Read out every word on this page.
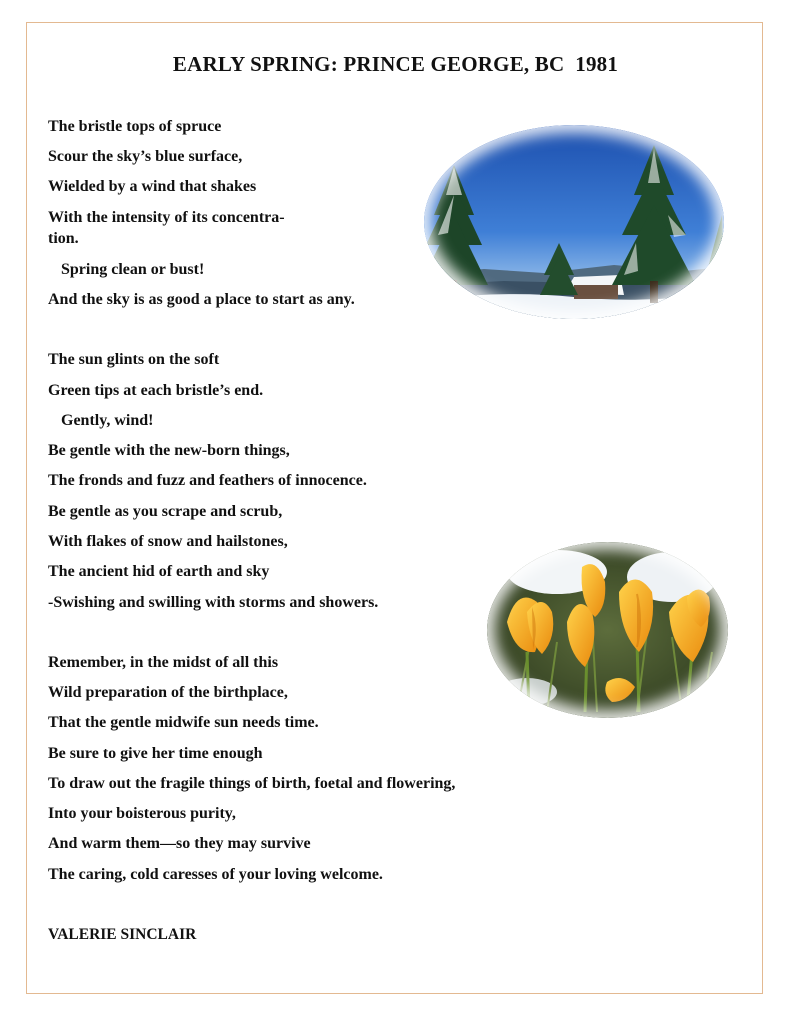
EARLY SPRING: PRINCE GEORGE, BC  1981
The bristle tops of spruce
Scour the sky’s blue surface,
Wielded by a wind that shakes
With the intensity of its concentra-
tion.
Spring clean or bust!
And the sky is as good a place to start as any.
The sun glints on the soft
Green tips at each bristle’s end.
Gently, wind!
Be gentle with the new-born things,
The fronds and fuzz and feathers of innocence.
Be gentle as you scrape and scrub,
With flakes of snow and hailstones,
The ancient hid of earth and sky
-Swishing and swilling with storms and showers.
Remember, in the midst of all this
Wild preparation of the birthplace,
That the gentle midwife sun needs time.
Be sure to give her time enough
To draw out the fragile things of birth, foetal and flowering,
Into your boisterous purity,
And warm them—so they may survive
The caring, cold caresses of your loving welcome.
VALERIE SINCLAIR
